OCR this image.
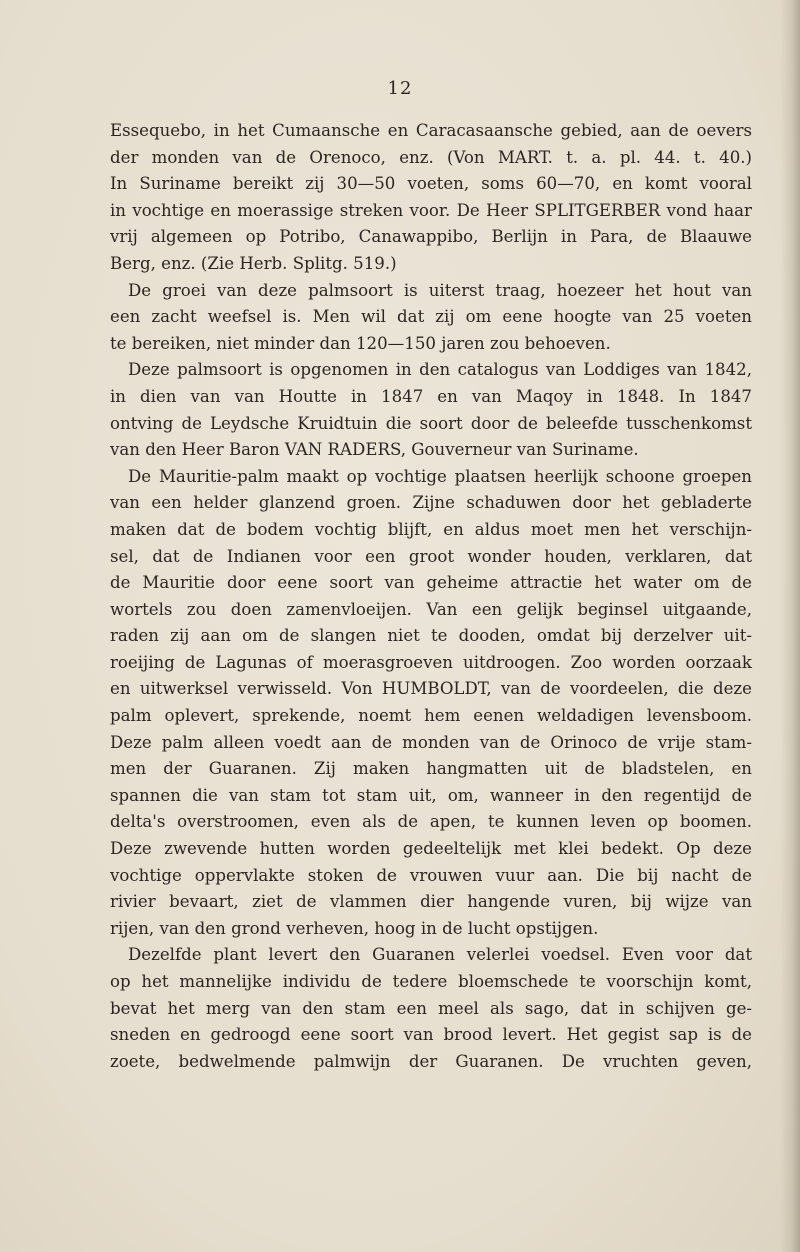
12
Essequebo, in het Cumaansche en Caracasaansche gebied, aan de oevers
der monden van de Orenoco, enz. (Von MART. t. a. pl. 44. t. 40.)
In Suriname bereikt zij 30—50 voeten, soms 60—70, en komt vooral
in vochtige en moerassige streken voor. De Heer SPLITGERBER vond haar
vrij algemeen op Potribo, Canawappibo, Berlijn in Para, de Blaauwe
Berg, enz. (Zie Herb. Splitg. 519.)
De groei van deze palmsoort is uiterst traag, hoezeer het hout van
een zacht weefsel is. Men wil dat zij om eene hoogte van 25 voeten
te bereiken, niet minder dan 120—150 jaren zou behoeven.
Deze palmsoort is opgenomen in den catalogus van Loddiges van 1842,
in dien van van Houtte in 1847 en van Maqoy in 1848. In 1847
ontving de Leydsche Kruidtuin die soort door de beleefde tusschenkomst
van den Heer Baron VAN RADERS, Gouverneur van Suriname.
De Mauritie-palm maakt op vochtige plaatsen heerlijk schoone groepen
van een helder glanzend groen. Zijne schaduwen door het gebladerte
maken dat de bodem vochtig blijft, en aldus moet men het verschijn-
sel, dat de Indianen voor een groot wonder houden, verklaren, dat
de Mauritie door eene soort van geheime attractie het water om de
wortels zou doen zamenvloeijen. Van een gelijk beginsel uitgaande,
raden zij aan om de slangen niet te dooden, omdat bij derzelver uit-
roeijing de Lagunas of moerasgroeven uitdroogen. Zoo worden oorzaak
en uitwerksel verwisseld. Von HUMBOLDT, van de voordeelen, die deze
palm oplevert, sprekende, noemt hem eenen weldadigen levensboom.
Deze palm alleen voedt aan de monden van de Orinoco de vrije stam-
men der Guaranen. Zij maken hangmatten uit de bladstelen, en
spannen die van stam tot stam uit, om, wanneer in den regentijd de
delta's overstroomen, even als de apen, te kunnen leven op boomen.
Deze zwevende hutten worden gedeeltelijk met klei bedekt. Op deze
vochtige oppervlakte stoken de vrouwen vuur aan. Die bij nacht de
rivier bevaart, ziet de vlammen dier hangende vuren, bij wijze van
rijen, van den grond verheven, hoog in de lucht opstijgen.
Dezelfde plant levert den Guaranen velerlei voedsel. Even voor dat
op het mannelijke individu de tedere bloemschede te voorschijn komt,
bevat het merg van den stam een meel als sago, dat in schijven ge-
sneden en gedroogd eene soort van brood levert. Het gegist sap is de
zoete, bedwelmende palmwijn der Guaranen. De vruchten geven,
